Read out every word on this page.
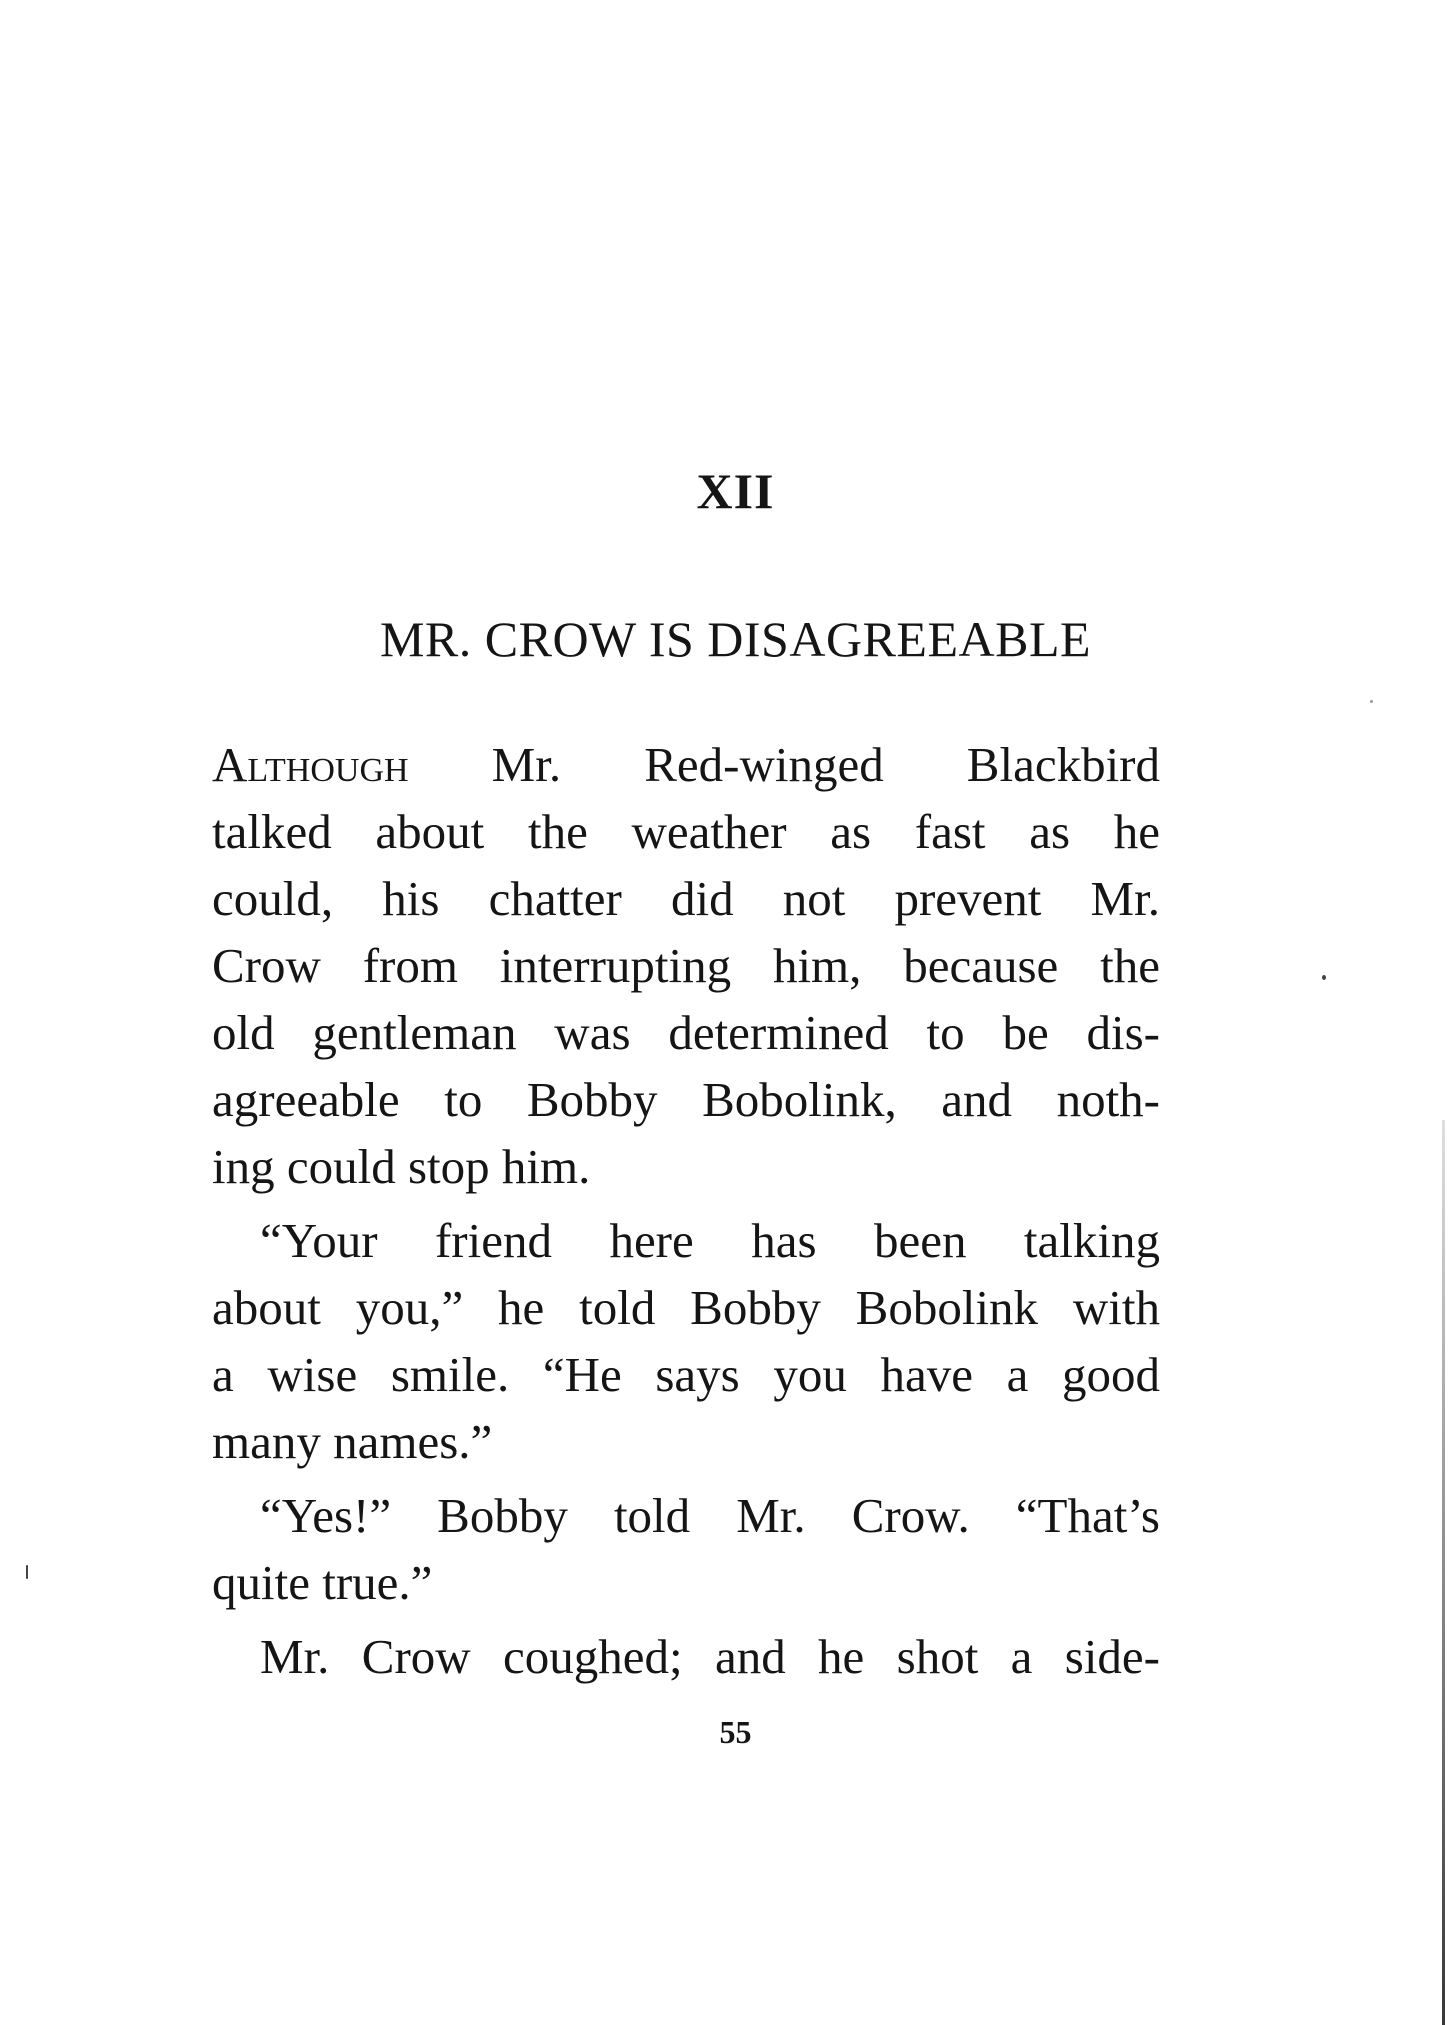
XII
MR. CROW IS DISAGREEABLE
Although Mr. Red-winged Blackbird
talked about the weather as fast as he
could, his chatter did not prevent Mr.
Crow from interrupting him, because the
old gentleman was determined to be dis-
agreeable to Bobby Bobolink, and noth-
ing could stop him.
“Your friend here has been talking
about you,” he told Bobby Bobolink with
a wise smile. “He says you have a good
many names.”
“Yes!” Bobby told Mr. Crow. “That’s
quite true.”
Mr. Crow coughed; and he shot a side-
55
